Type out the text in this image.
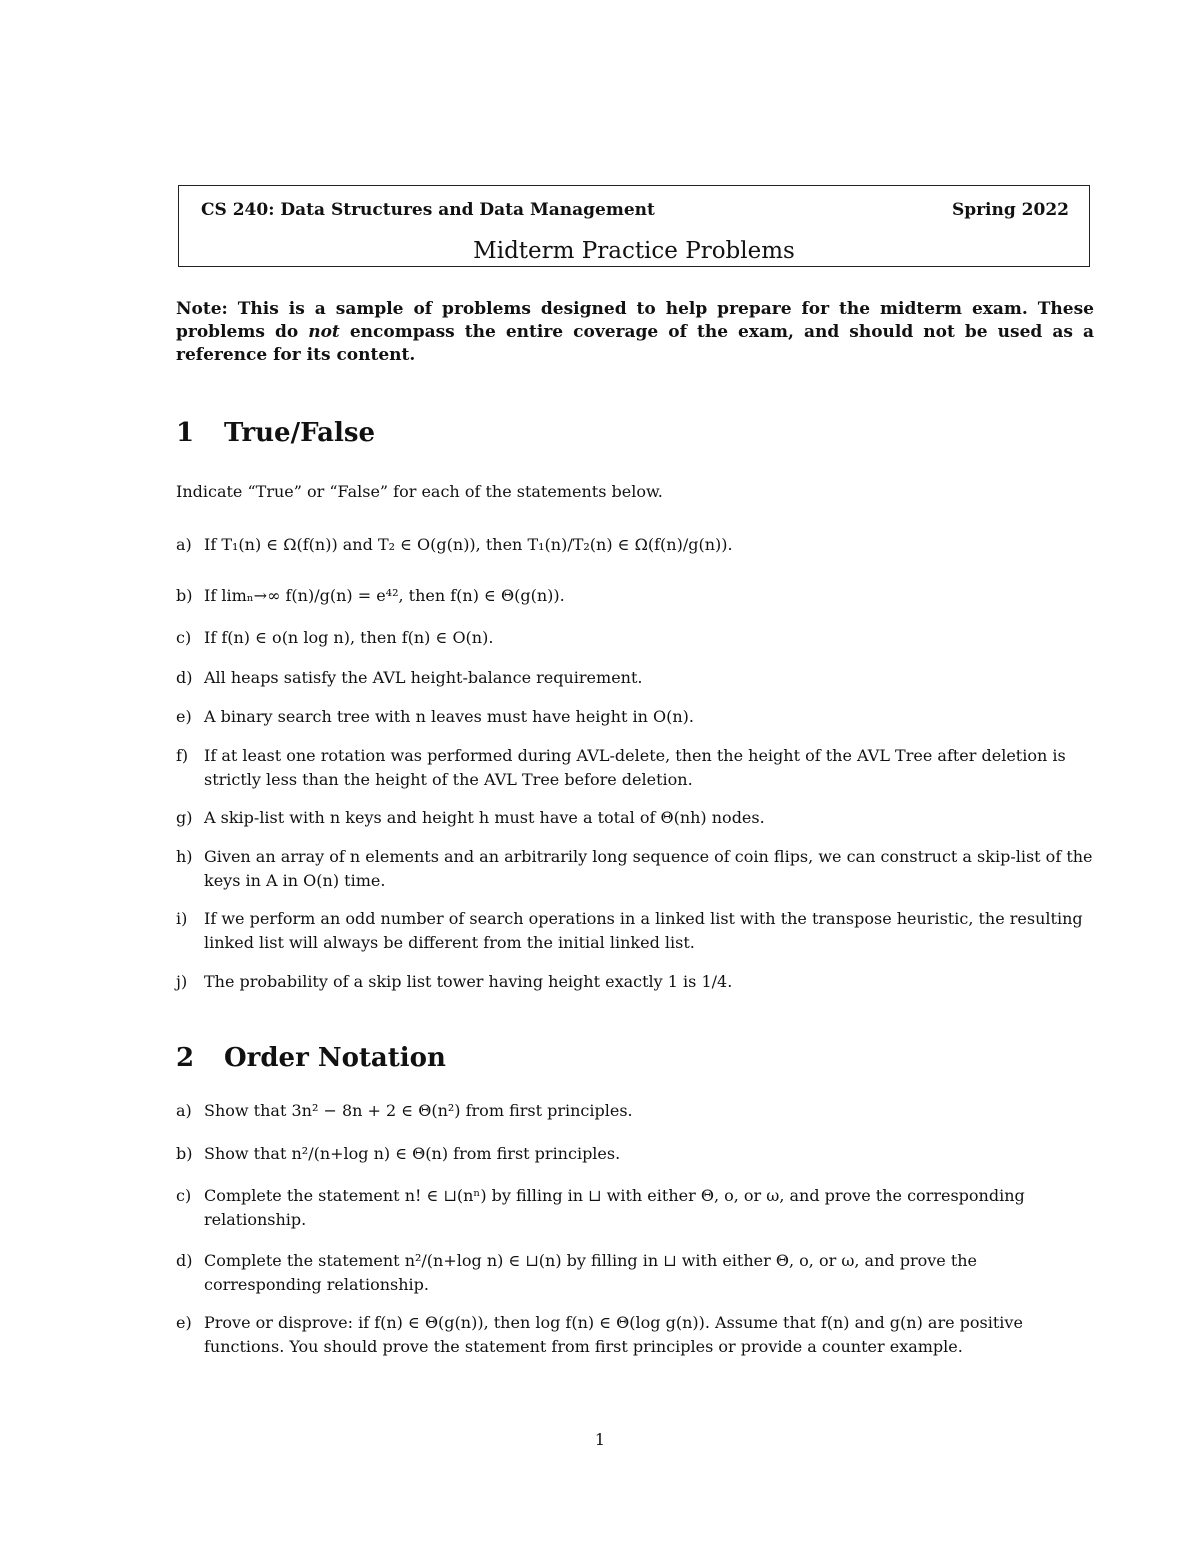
CS 240: Data Structures and Data Management	Spring 2022
Midterm Practice Problems
Note: This is a sample of problems designed to help prepare for the midterm exam. These problems do not encompass the entire coverage of the exam, and should not be used as a reference for its content.
1 True/False
Indicate “True” or “False” for each of the statements below.
a) If T₁(n) ∈ Ω(f(n)) and T₂ ∈ O(g(n)), then T₁(n)/T₂(n) ∈ Ω(f(n)/g(n)).
b) If limₙ→∞ f(n)/g(n) = e⁴², then f(n) ∈ Θ(g(n)).
c) If f(n) ∈ o(n log n), then f(n) ∈ O(n).
d) All heaps satisfy the AVL height-balance requirement.
e) A binary search tree with n leaves must have height in O(n).
f) If at least one rotation was performed during AVL-delete, then the height of the AVL Tree after deletion is strictly less than the height of the AVL Tree before deletion.
g) A skip-list with n keys and height h must have a total of Θ(nh) nodes.
h) Given an array of n elements and an arbitrarily long sequence of coin flips, we can construct a skip-list of the keys in A in O(n) time.
i)	If we perform an odd number of search operations in a linked list with the transpose heuristic, the resulting linked list will always be different from the initial linked list.
j)	The probability of a skip list tower having height exactly 1 is 1/4.
2 Order Notation
a) Show that 3n² − 8n + 2 ∈ Θ(n²) from first principles.
b) Show that n²/(n+log n) ∈ Θ(n) from first principles.
c) Complete the statement n! ∈ ⊔(nⁿ) by filling in ⊔ with either Θ, o, or ω, and prove the corresponding relationship.
d) Complete the statement n²/(n+log n) ∈ ⊔(n) by filling in ⊔ with either Θ, o, or ω, and prove the corresponding relationship.
e) Prove or disprove: if f(n) ∈ Θ(g(n)), then log f(n) ∈ Θ(log g(n)). Assume that f(n) and g(n) are positive functions. You should prove the statement from first principles or provide a counter example.
1
